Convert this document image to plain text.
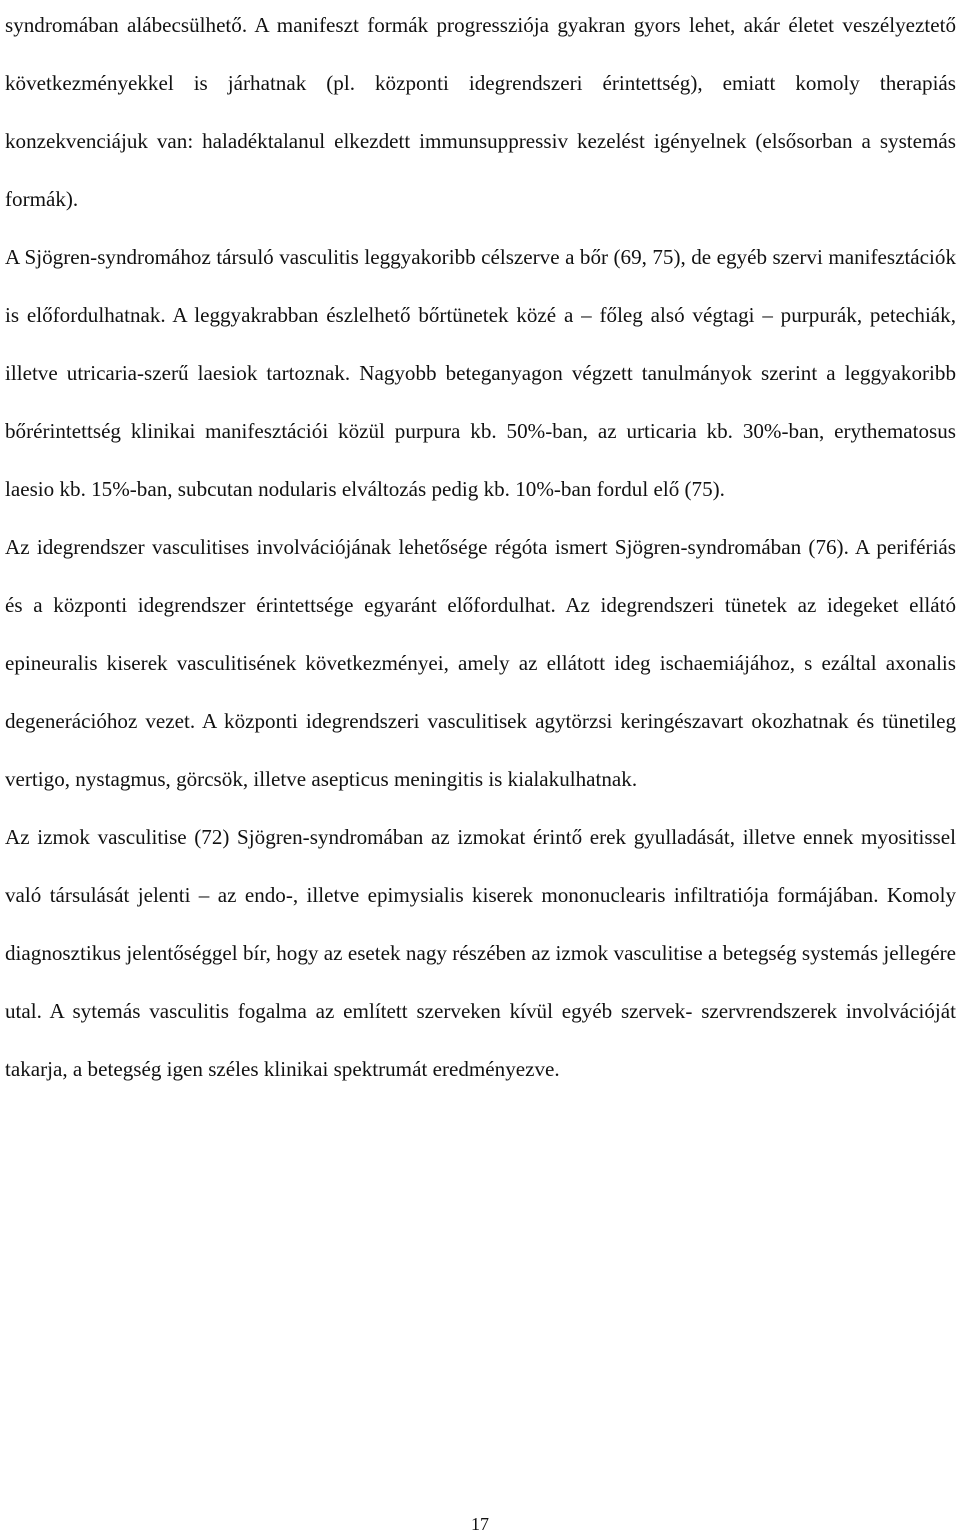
syndromában alábecsülhető. A manifeszt formák progressziója gyakran gyors lehet, akár életet veszélyeztető következményekkel is járhatnak (pl. központi idegrendszeri érintettség), emiatt komoly therapiás konzekvenciájuk van: haladéktalanul elkezdett immunsuppressiv kezelést igényelnek (elsősorban a systemás formák).

A Sjögren-syndromához társuló vasculitis leggyakoribb célszerve a bőr (69, 75), de egyéb szervi manifesztációk is előfordulhatnak. A leggyakrabban észlelhető bőrtünetek közé a – főleg alsó végtagi – purpurák, petechiák, illetve utricaria-szerű laesiok tartoznak. Nagyobb beteganyagon végzett tanulmányok szerint a leggyakoribb bőrérintettség klinikai manifesztációi közül purpura kb. 50%-ban, az urticaria kb. 30%-ban, erythematosus laesio kb. 15%-ban, subcutan nodularis elváltozás pedig kb. 10%-ban fordul elő (75).

Az idegrendszer vasculitises involvációjának lehetősége régóta ismert Sjögren-syndromában (76). A perifériás és a központi idegrendszer érintettsége egyaránt előfordulhat. Az idegrendszeri tünetek az idegeket ellátó epineuralis kiserek vasculitisének következményei, amely az ellátott ideg ischaemiájához, s ezáltal axonalis degenerációhoz vezet. A központi idegrendszeri vasculitisek agytörzsi keringészavart okozhatnak és tünetileg vertigo, nystagmus, görcsök, illetve asepticus meningitis is kialakulhatnak.

Az izmok vasculitise (72) Sjögren-syndromában az izmokat érintő erek gyulladását, illetve ennek myositissel való társulását jelenti – az endo-, illetve epimysialis kiserek mononuclearis infiltratiója formájában. Komoly diagnosztikus jelentőséggel bír, hogy az esetek nagy részében az izmok vasculitise a betegség systemás jellegére utal. A sytemás vasculitis fogalma az említett szerveken kívül egyéb szervek- szervrendszerek involvációját takarja, a betegség igen széles klinikai spektrumát eredményezve.

17
